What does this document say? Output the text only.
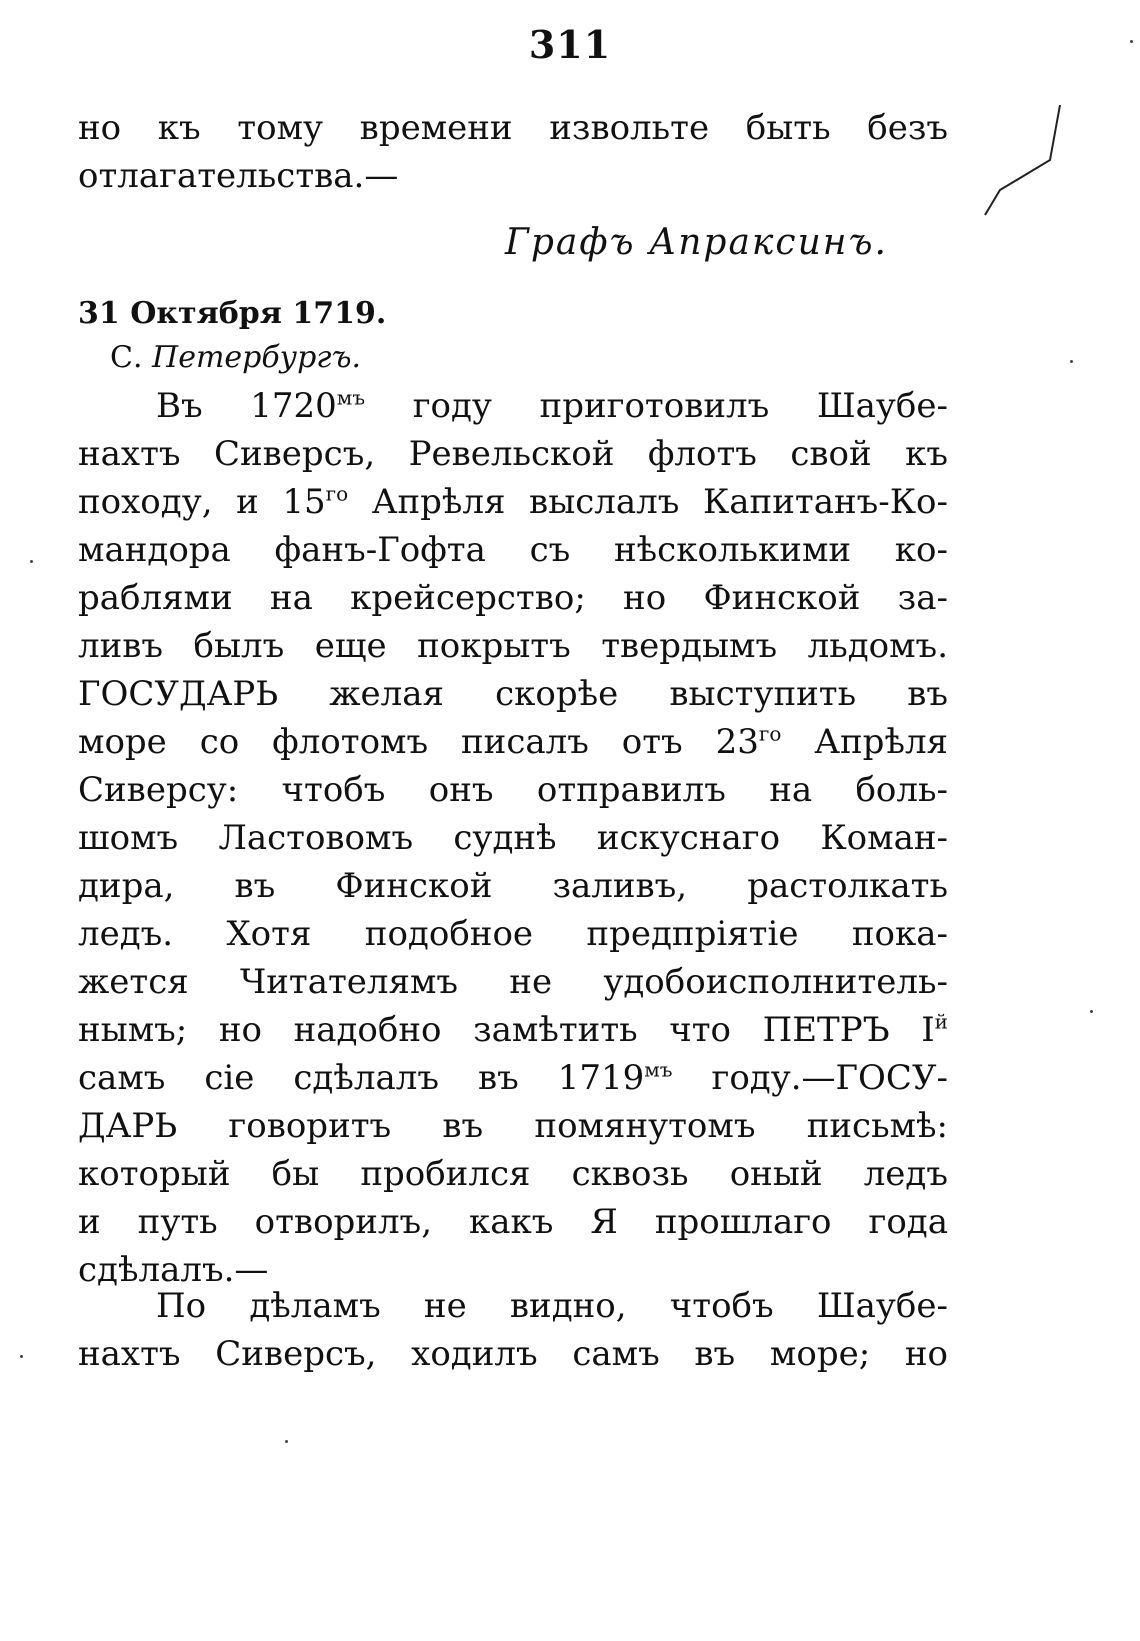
311
но къ тому времени извольте быть безъ
отлагательства.—
Графъ Апраксинъ.
31 Октября 1719.
С. Петербургъ.
Въ $1720^{мъ}$ году приготовилъ Шаубе-
нахтъ Сиверсъ, Ревельской флотъ свой къ
походу, и $15^{го}$ Апрѣля выслалъ Капитанъ-Ко-
мандора фанъ-Гофта съ нѣсколькими ко-
раблями на крейсерство; но Финской за-
ливъ былъ еще покрытъ твердымъ льдомъ.
ГОСУДАРЬ желая скорѣе выступить въ
море со флотомъ писалъ отъ $23^{го}$ Апрѣля
Сиверсу: чтобъ онъ отправилъ на боль-
шомъ Ластовомъ суднѣ искуснаго Коман-
дира, въ Финской заливъ, растолкать
ледъ. Хотя подобное предпріятіе пока-
жется Читателямъ не удобоисполнитель-
нымъ; но надобно замѣтить что ПЕТРЪ $I^й$
самъ сіе сдѣлалъ въ $1719^{мъ}$ году.—ГОСУ-
ДАРЬ говоритъ въ помянутомъ письмѣ:
который бы пробился сквозь оный ледъ
и путь отворилъ, какъ Я прошлаго года
сдѣлалъ.—
По дѣламъ не видно, чтобъ Шаубе-
нахтъ Сиверсъ, ходилъ самъ въ море; но
